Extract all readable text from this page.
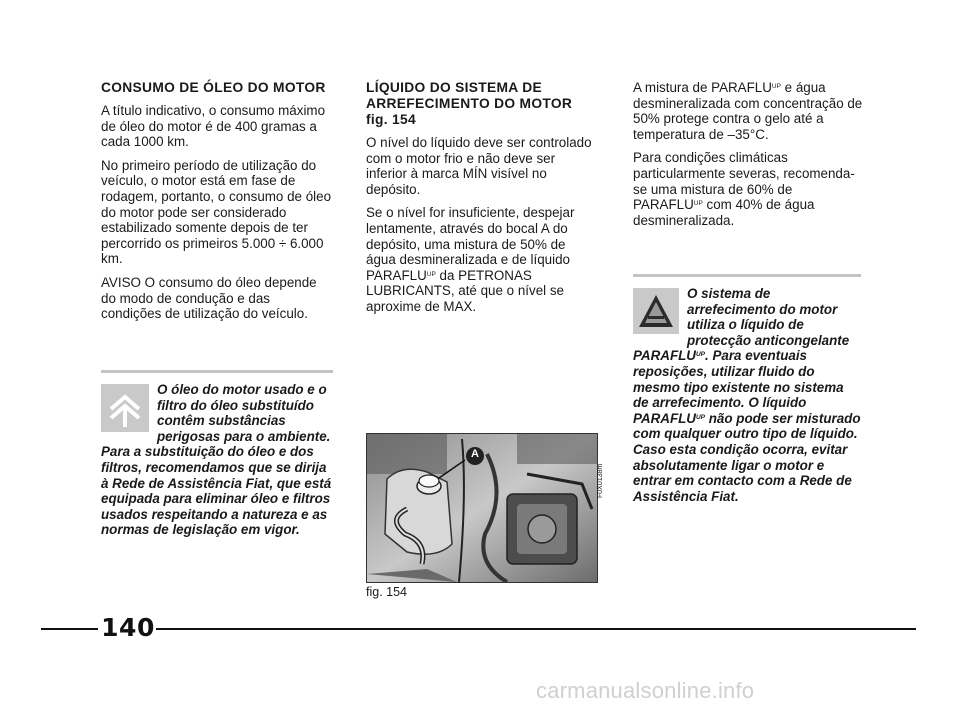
CONSUMO DE ÓLEO DO MOTOR

A título indicativo, o consumo máximo de óleo do motor é de 400 gramas a cada 1000 km.

No primeiro período de utilização do veículo, o motor está em fase de rodagem, portanto, o consumo de óleo do motor pode ser considerado estabilizado somente depois de ter percorrido os primeiros 5.000 ÷ 6.000 km.

AVISO O consumo do óleo depende do modo de condução e das condições de utilização do veículo.

O óleo do motor usado e o filtro do óleo substituído contêm substâncias perigosas para o ambiente. Para a substituição do óleo e dos filtros, recomendamos que se dirija à Rede de Assistência Fiat, que está equipada para eliminar óleo e filtros usados respeitando a natureza e as normas de legislação em vigor.
LÍQUIDO DO SISTEMA DE ARREFECIMENTO DO MOTOR fig. 154

O nível do líquido deve ser controlado com o motor frio e não deve ser inferior à marca MÍN visível no depósito.

Se o nível for insuficiente, despejar lentamente, através do bocal A do depósito, uma mistura de 50% de água desmineralizada e de líquido $PARAFLU^{UP}$ da PETRONAS LUBRICANTS, até que o nível se aproxime de MAX.

A
F0X0138m
fig. 154

A mistura de $PARAFLU^{UP}$ e água desmineralizada com concentração de 50% protege contra o gelo até a temperatura de –35°C.

Para condições climáticas particularmente severas, recomenda-se uma mistura de 60% de $PARAFLU^{UP}$ com 40% de água desmineralizada.

O sistema de arrefecimento do motor utiliza o líquido de protecção anticongelante $PARAFLU^{UP}$. Para eventuais reposições, utilizar fluido do mesmo tipo existente no sistema de arrefecimento. O líquido $PARAFLU^{UP}$ não pode ser misturado com qualquer outro tipo de líquido. Caso esta condição ocorra, evitar absolutamente ligar o motor e entrar em contacto com a Rede de Assistência Fiat.
140
carmanualsonline.info
